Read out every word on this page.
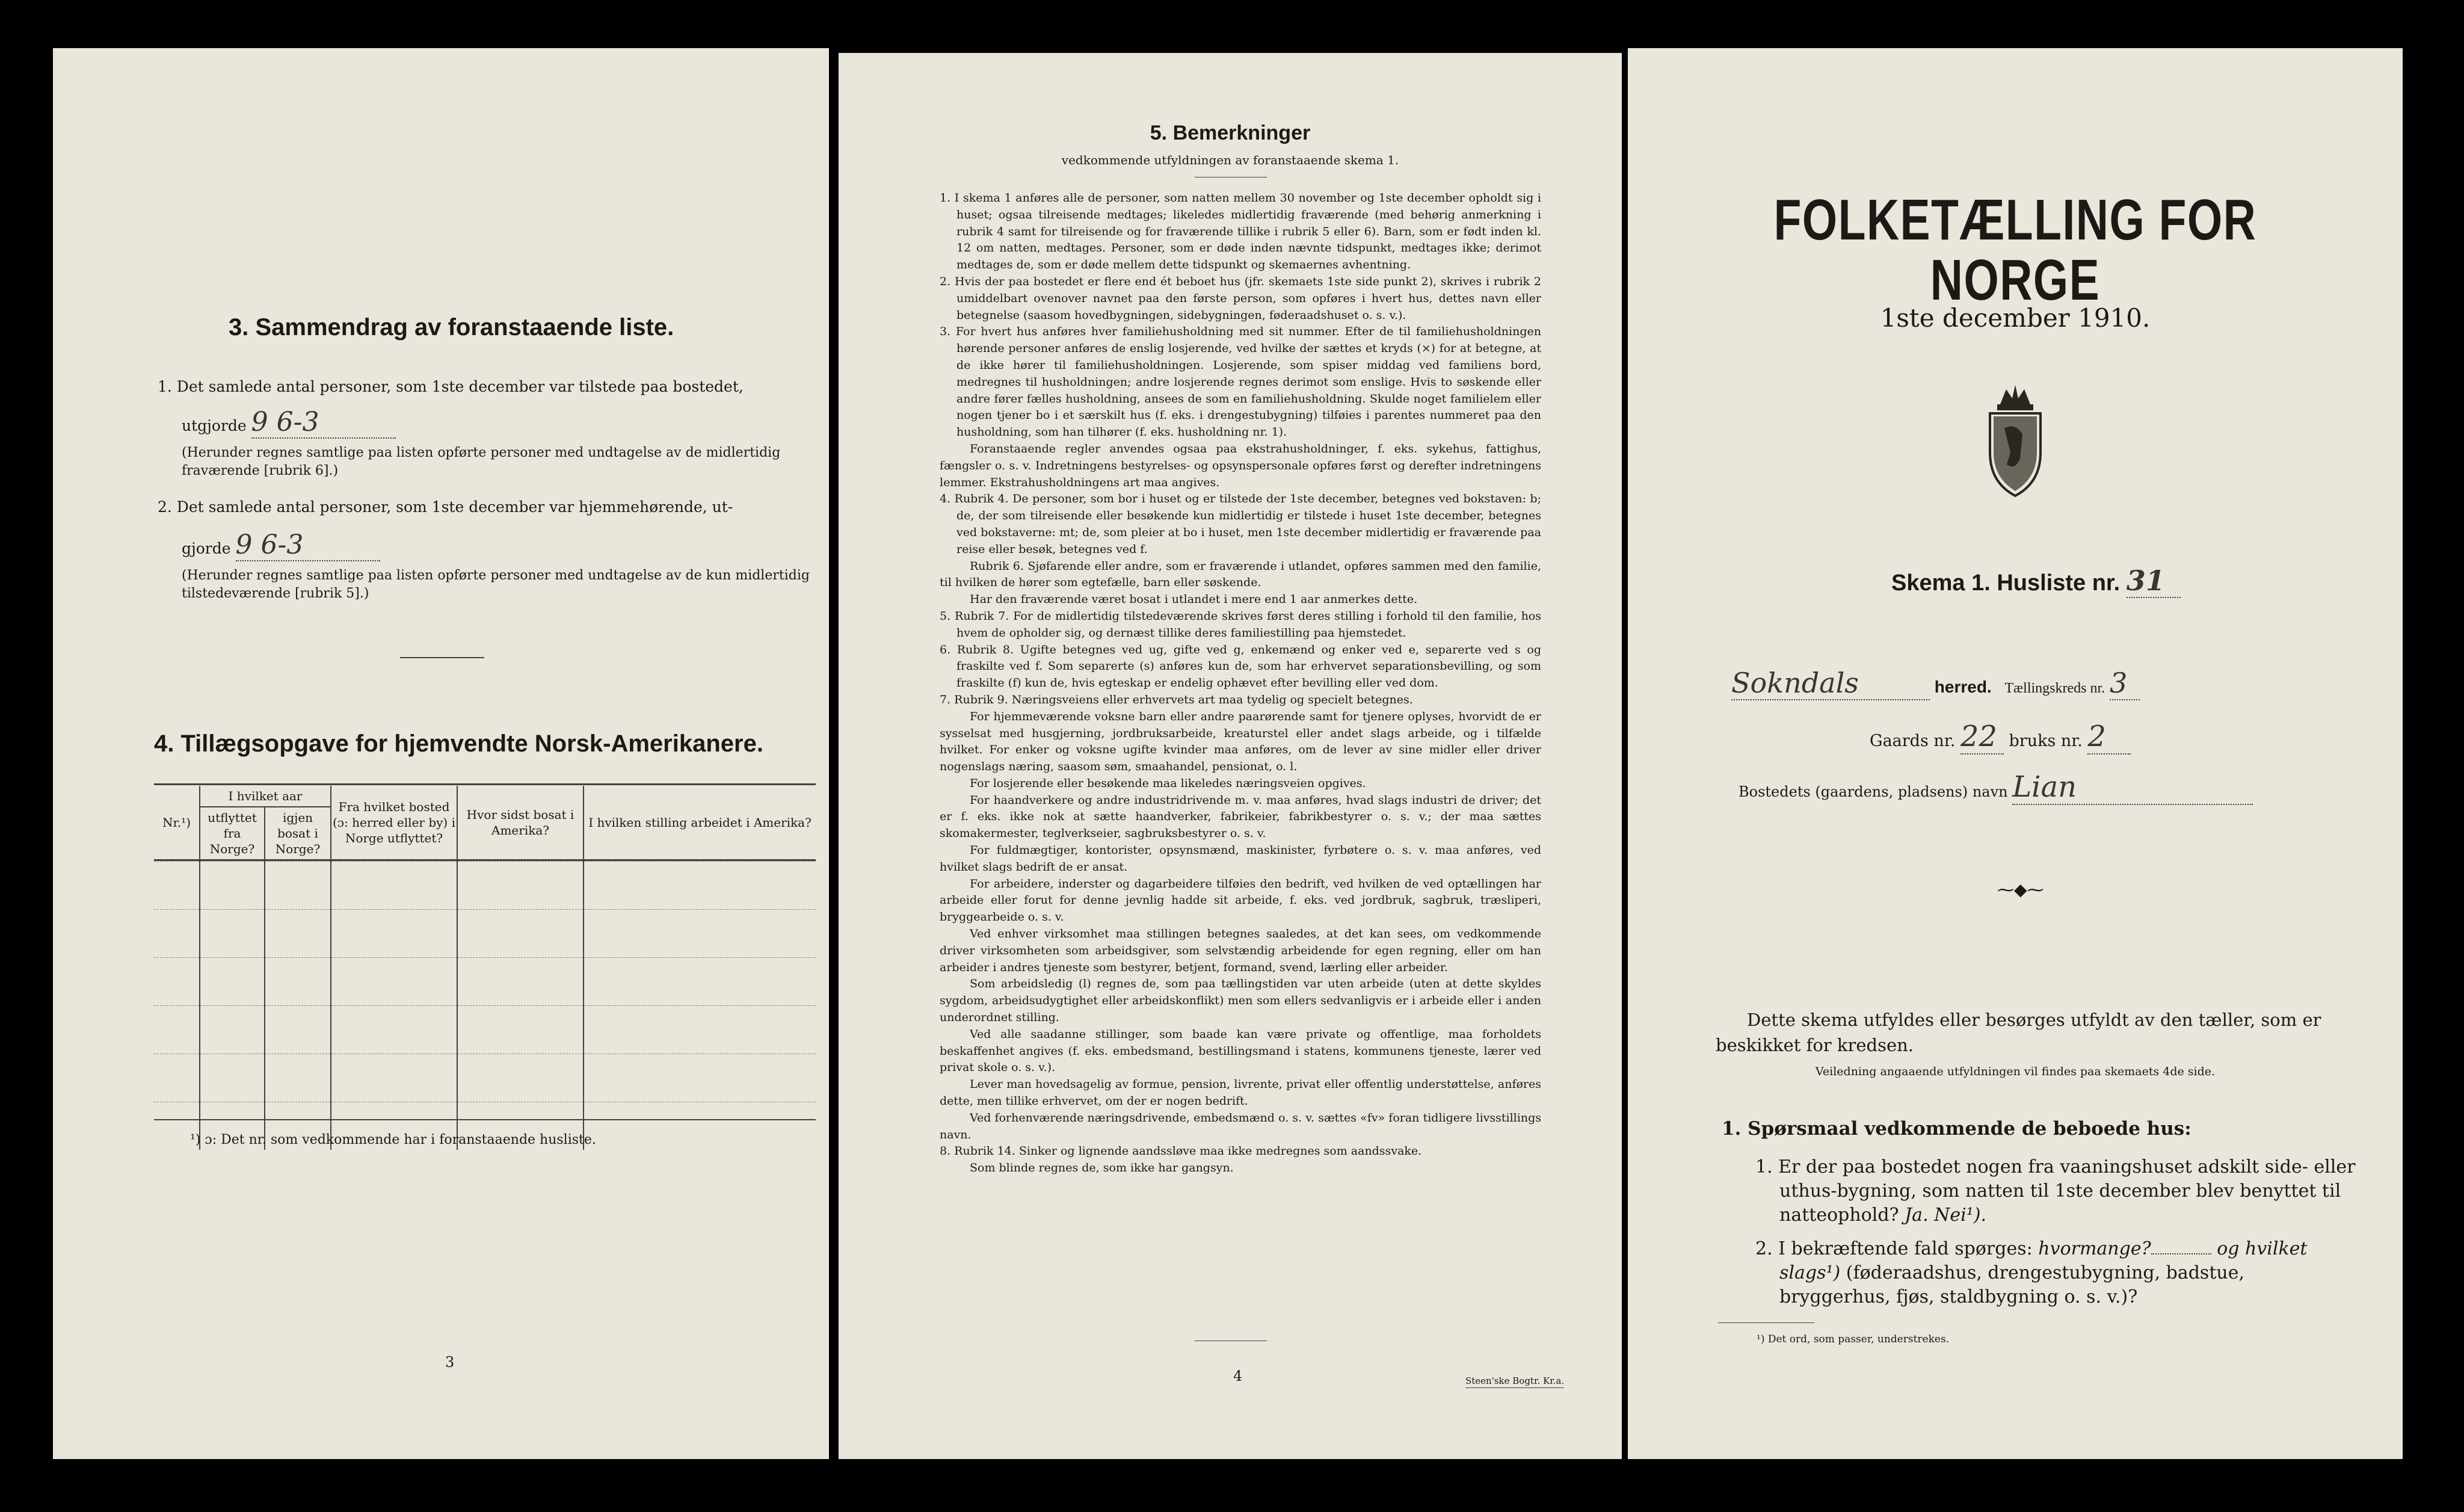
3. Sammendrag av foranstaaende liste.
1. Det samlede antal personer, som 1ste december var tilstede paa bostedet,
utgjorde 9 6-3
(Herunder regnes samtlige paa listen opførte personer med undtagelse av de midlertidig fraværende [rubrik 6].)
2. Det samlede antal personer, som 1ste december var hjemmehørende, ut-
gjorde 9 6-3
(Herunder regnes samtlige paa listen opførte personer med undtagelse av de kun midlertidig tilstedeværende [rubrik 5].)
4. Tillægsopgave for hjemvendte Norsk-Amerikanere.
Nr.¹)	I hvilket aar		Fra hvilket bosted (ɔ: herred eller by) i Norge utflyttet?	Hvor sidst bosat i Amerika?	I hvilken stilling arbeidet i Amerika?
	utflyttet fra Norge?	igjen bosat i Norge?			

¹) ɔ: Det nr. som vedkommende har i foranstaaende husliste.
3
5. Bemerkninger
vedkommende utfyldningen av foranstaaende skema 1.

1. I skema 1 anføres alle de personer, som natten mellem 30 november og 1ste december opholdt sig i huset; ogsaa tilreisende medtages; likeledes midlertidig fraværende (med behørig anmerkning i rubrik 4 samt for tilreisende og for fraværende tillike i rubrik 5 eller 6). Barn, som er født inden kl. 12 om natten, medtages. Personer, som er døde inden nævnte tidspunkt, medtages ikke; derimot medtages de, som er døde mellem dette tidspunkt og skemaernes avhentning.

2. Hvis der paa bostedet er flere end ét beboet hus (jfr. skemaets 1ste side punkt 2), skrives i rubrik 2 umiddelbart ovenover navnet paa den første person, som opføres i hvert hus, dettes navn eller betegnelse (saasom hovedbygningen, sidebygningen, føderaadshuset o. s. v.).

3. For hvert hus anføres hver familiehusholdning med sit nummer. Efter de til familiehusholdningen hørende personer anføres de enslig losjerende, ved hvilke der sættes et kryds (×) for at betegne, at de ikke hører til familiehusholdningen. Losjerende, som spiser middag ved familiens bord, medregnes til husholdningen; andre losjerende regnes derimot som enslige. Hvis to søskende eller andre fører fælles husholdning, ansees de som en familiehusholdning. Skulde noget familielem eller nogen tjener bo i et særskilt hus (f. eks. i drengestubygning) tilføies i parentes nummeret paa den husholdning, som han tilhører (f. eks. husholdning nr. 1).

Foranstaaende regler anvendes ogsaa paa ekstrahusholdninger, f. eks. sykehus, fattighus, fængsler o. s. v. Indretningens bestyrelses- og opsynspersonale opføres først og derefter indretningens lemmer. Ekstrahusholdningens art maa angives.

4. Rubrik 4. De personer, som bor i huset og er tilstede der 1ste december, betegnes ved bokstaven: b; de, der som tilreisende eller besøkende kun midlertidig er tilstede i huset 1ste december, betegnes ved bokstaverne: mt; de, som pleier at bo i huset, men 1ste december midlertidig er fraværende paa reise eller besøk, betegnes ved f.

Rubrik 6. Sjøfarende eller andre, som er fraværende i utlandet, opføres sammen med den familie, til hvilken de hører som egtefælle, barn eller søskende.

Har den fraværende været bosat i utlandet i mere end 1 aar anmerkes dette.

5. Rubrik 7. For de midlertidig tilstedeværende skrives først deres stilling i forhold til den familie, hos hvem de opholder sig, og dernæst tillike deres familiestilling paa hjemstedet.

6. Rubrik 8. Ugifte betegnes ved ug, gifte ved g, enkemænd og enker ved e, separerte ved s og fraskilte ved f. Som separerte (s) anføres kun de, som har erhvervet separationsbevilling, og som fraskilte (f) kun de, hvis egteskap er endelig ophævet efter bevilling eller ved dom.

7. Rubrik 9. Næringsveiens eller erhvervets art maa tydelig og specielt betegnes.

For hjemmeværende voksne barn eller andre paarørende samt for tjenere oplyses, hvorvidt de er sysselsat med husgjerning, jordbruksarbeide, kreaturstel eller andet slags arbeide, og i tilfælde hvilket. For enker og voksne ugifte kvinder maa anføres, om de lever av sine midler eller driver nogenslags næring, saasom søm, smaahandel, pensionat, o. l.

For losjerende eller besøkende maa likeledes næringsveien opgives.

For haandverkere og andre industridrivende m. v. maa anføres, hvad slags industri de driver; det er f. eks. ikke nok at sætte haandverker, fabrikeier, fabrikbestyrer o. s. v.; der maa sættes skomakermester, teglverkseier, sagbruksbestyrer o. s. v.

For fuldmægtiger, kontorister, opsynsmænd, maskinister, fyrbøtere o. s. v. maa anføres, ved hvilket slags bedrift de er ansat.

For arbeidere, inderster og dagarbeidere tilføies den bedrift, ved hvilken de ved optællingen har arbeide eller forut for denne jevnlig hadde sit arbeide, f. eks. ved jordbruk, sagbruk, træsliperi, bryggearbeide o. s. v.

Ved enhver virksomhet maa stillingen betegnes saaledes, at det kan sees, om vedkommende driver virksomheten som arbeidsgiver, som selvstændig arbeidende for egen regning, eller om han arbeider i andres tjeneste som bestyrer, betjent, formand, svend, lærling eller arbeider.

Som arbeidsledig (l) regnes de, som paa tællingstiden var uten arbeide (uten at dette skyldes sygdom, arbeidsudygtighet eller arbeidskonflikt) men som ellers sedvanligvis er i arbeide eller i anden underordnet stilling.

Ved alle saadanne stillinger, som baade kan være private og offentlige, maa forholdets beskaffenhet angives (f. eks. embedsmand, bestillingsmand i statens, kommunens tjeneste, lærer ved privat skole o. s. v.).

Lever man hovedsagelig av formue, pension, livrente, privat eller offentlig understøttelse, anføres dette, men tillike erhvervet, om der er nogen bedrift.

Ved forhenværende næringsdrivende, embedsmænd o. s. v. sættes «fv» foran tidligere livsstillings navn.

8. Rubrik 14. Sinker og lignende aandssløve maa ikke medregnes som aandssvake.

Som blinde regnes de, som ikke har gangsyn.

4	Steen'ske Bogtr. Kr.a.
FOLKETÆLLING FOR NORGE
1ste december 1910.
Skema 1. Husliste nr. 31
Sokndals	herred. Tællingskreds nr. 3
Gaards nr. 22 bruks nr. 2
Bostedets (gaardens, pladsens) navn Lian
⁓◆⁓
Dette skema utfyldes eller besørges utfyldt av den tæller, som er beskikket for kredsen.
Veiledning angaaende utfyldningen vil findes paa skemaets 4de side.
1. Spørsmaal vedkommende de beboede hus:
1. Er der paa bostedet nogen fra vaaningshuset adskilt side- eller uthus-bygning, som natten til 1ste december blev benyttet til natteophold? Ja. Nei¹).
2. I bekræftende fald spørges: hvormange?	og hvilket slags¹) (føderaadshus, drengestubygning, badstue, bryggerhus, fjøs, staldbygning o. s. v.)?
¹) Det ord, som passer, understrekes.
